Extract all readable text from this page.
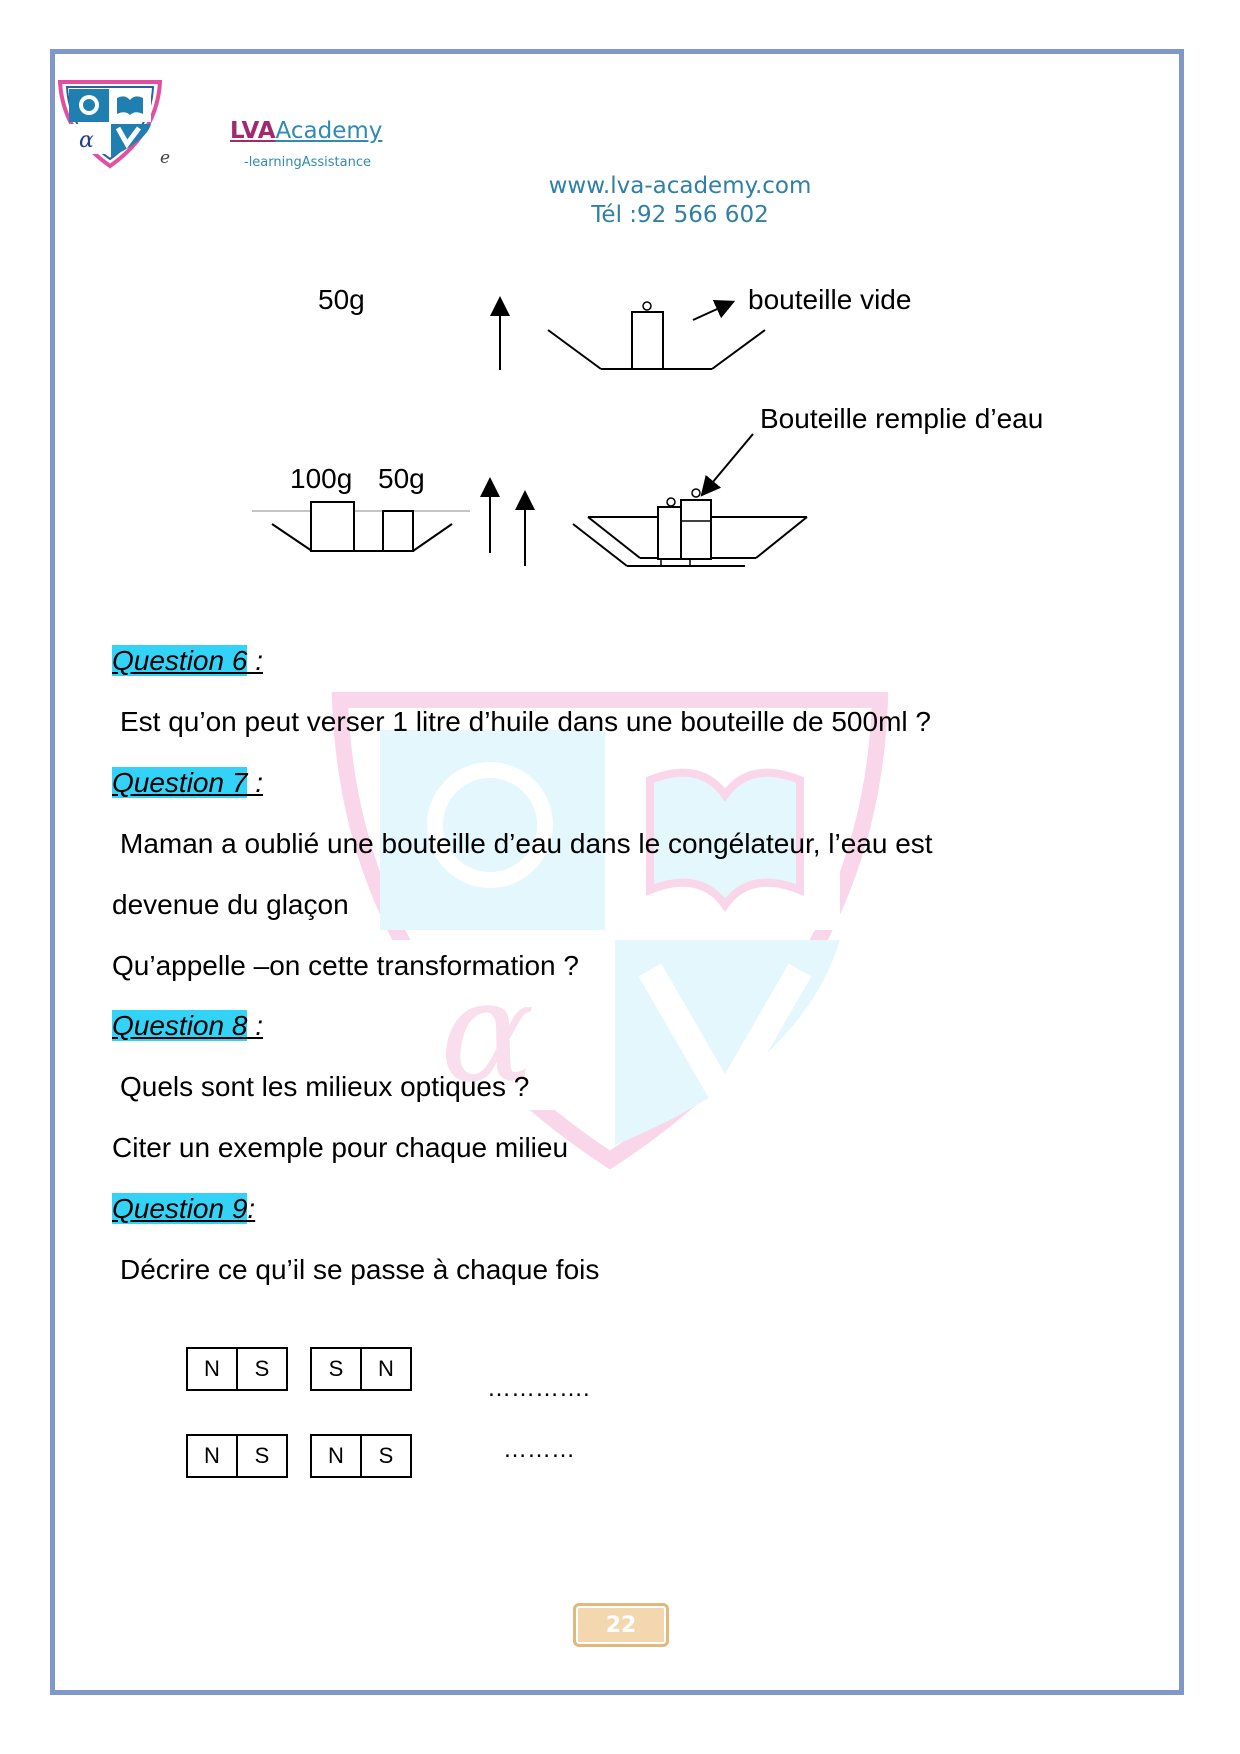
α
e
LVAAcademy
-learningAssistance
www.lva-academy.com
Tél :92 566 602
α
50g	bouteille vide
Bouteille remplie d’eau
100g 50g
Question 6 :
Est qu’on peut verser 1 litre d’huile dans une bouteille de 500ml ?
Question 7 :
Maman a oublié une bouteille d’eau dans le congélateur, l’eau est
devenue du glaçon
Qu’appelle –on cette transformation ?
Question 8 :
Quels sont les milieux optiques ?
Citer un exemple pour chaque milieu
Question 9:
Décrire ce qu’il se passe à chaque fois
N	S	S	N
………….
N	S	N	S	………
22
